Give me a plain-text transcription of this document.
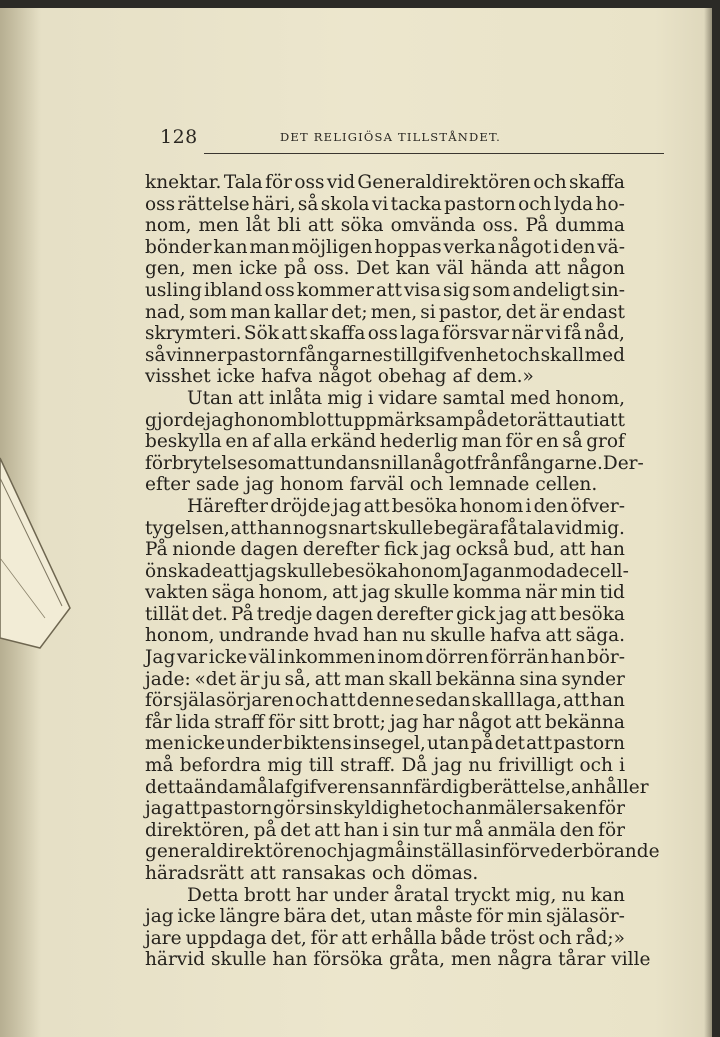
128	DET RELIGIÖSA TILLSTÅNDET.
knektar. Tala för oss vid Generaldirektören och skaffa
oss rättelse häri, så skola vi tacka pastorn och lyda ho-
nom, men låt bli att söka omvända oss. På dumma
bönder kan man möjligen hoppas verka något i den vä-
gen, men icke på oss. Det kan väl hända att någon
usling ibland oss kommer att visa sig som andeligt sin-
nad, som man kallar det; men, si pastor, det är endast
skrymteri. Sök att skaffa oss laga försvar när vi få nåd,
så vinner pastorn fångarnes tillgifvenhet och skall med
visshet icke hafva något obehag af dem.»
Utan att inlåta mig i vidare samtal med honom,
gjorde jag honom blott uppmärksam på det orätta uti att
beskylla en af alla erkänd hederlig man för en så grof
förbrytelse som att undansnilla något från fångarne. Der-
efter sade jag honom farväl och lemnade cellen.
Härefter dröjde jag att besöka honom i den öfver-
tygelsen, att han nog snart skulle begära få tala vid mig.
På nionde dagen derefter fick jag också bud, att han
önskade att jag skulle besöka honom Jag anmodade cell-
vakten säga honom, att jag skulle komma när min tid
tillät det. På tredje dagen derefter gick jag att besöka
honom, undrande hvad han nu skulle hafva att säga.
Jag var icke väl inkommen inom dörren förrän han bör-
jade: «det är ju så, att man skall bekänna sina synder
för själasörjaren och att denne sedan skall laga, att han
får lida straff för sitt brott; jag har något att bekänna
men icke under biktens insegel, utan på det att pastorn
må befordra mig till straff. Då jag nu frivilligt och i
detta ändamål afgifver en sannfärdig berättelse, anhåller
jag att pastorn gör sin skyldighet och anmäler saken för
direktören, på det att han i sin tur må anmäla den för
generaldirektören och jag må inställas inför vederbörande
häradsrätt att ransakas och dömas.
Detta brott har under åratal tryckt mig, nu kan
jag icke längre bära det, utan måste för min själasör-
jare uppdaga det, för att erhålla både tröst och råd;»
härvid skulle han försöka gråta, men några tårar ville
